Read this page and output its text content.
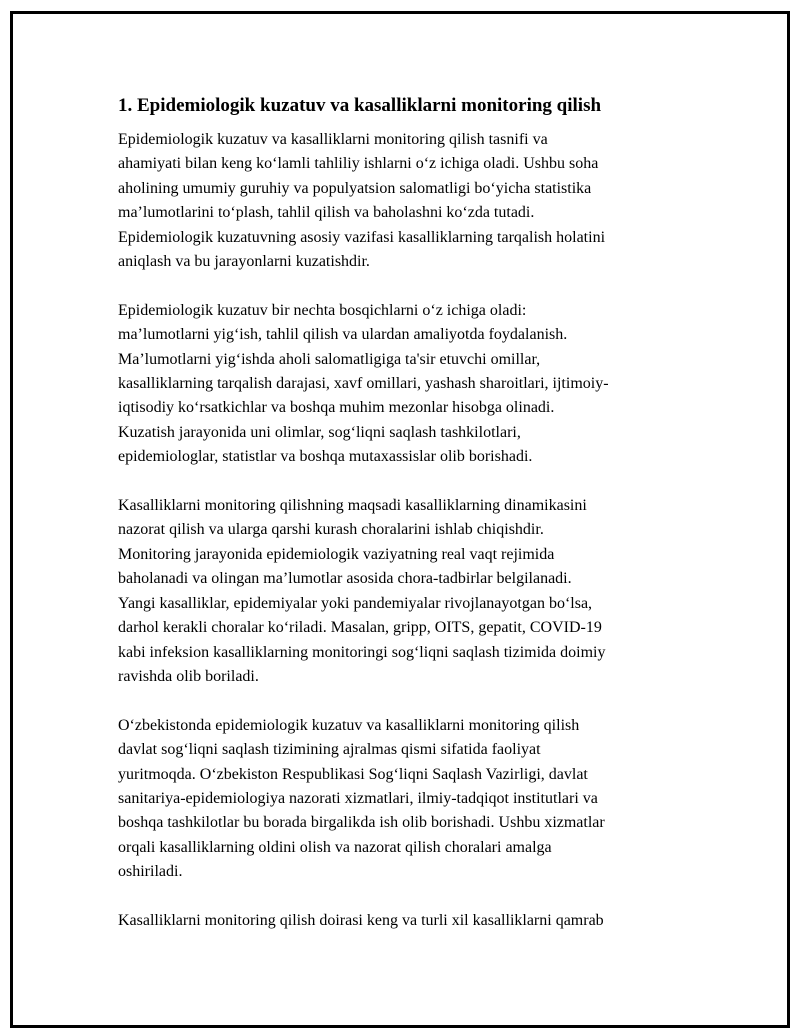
1. Epidemiologik kuzatuv va kasalliklarni monitoring qilish

Epidemiologik kuzatuv va kasalliklarni monitoring qilish tasnifi va
ahamiyati bilan keng ko‘lamli tahliliy ishlarni o‘z ichiga oladi. Ushbu soha
aholining umumiy guruhiy va populyatsion salomatligi bo‘yicha statistika
ma’lumotlarini to‘plash, tahlil qilish va baholashni ko‘zda tutadi.
Epidemiologik kuzatuvning asosiy vazifasi kasalliklarning tarqalish holatini
aniqlash va bu jarayonlarni kuzatishdir.

Epidemiologik kuzatuv bir nechta bosqichlarni o‘z ichiga oladi:
ma’lumotlarni yig‘ish, tahlil qilish va ulardan amaliyotda foydalanish.
Ma’lumotlarni yig‘ishda aholi salomatligiga ta'sir etuvchi omillar,
kasalliklarning tarqalish darajasi, xavf omillari, yashash sharoitlari, ijtimoiy-
iqtisodiy ko‘rsatkichlar va boshqa muhim mezonlar hisobga olinadi.
Kuzatish jarayonida uni olimlar, sog‘liqni saqlash tashkilotlari,
epidemiologlar, statistlar va boshqa mutaxassislar olib borishadi.

Kasalliklarni monitoring qilishning maqsadi kasalliklarning dinamikasini
nazorat qilish va ularga qarshi kurash choralarini ishlab chiqishdir.
Monitoring jarayonida epidemiologik vaziyatning real vaqt rejimida
baholanadi va olingan ma’lumotlar asosida chora-tadbirlar belgilanadi.
Yangi kasalliklar, epidemiyalar yoki pandemiyalar rivojlanayotgan bo‘lsa,
darhol kerakli choralar ko‘riladi. Masalan, gripp, OITS, gepatit, COVID-19
kabi infeksion kasalliklarning monitoringi sog‘liqni saqlash tizimida doimiy
ravishda olib boriladi.

O‘zbekistonda epidemiologik kuzatuv va kasalliklarni monitoring qilish
davlat sog‘liqni saqlash tizimining ajralmas qismi sifatida faoliyat
yuritmoqda. O‘zbekiston Respublikasi Sog‘liqni Saqlash Vazirligi, davlat
sanitariya-epidemiologiya nazorati xizmatlari, ilmiy-tadqiqot institutlari va
boshqa tashkilotlar bu borada birgalikda ish olib borishadi. Ushbu xizmatlar
orqali kasalliklarning oldini olish va nazorat qilish choralari amalga
oshiriladi.

Kasalliklarni monitoring qilish doirasi keng va turli xil kasalliklarni qamrab
